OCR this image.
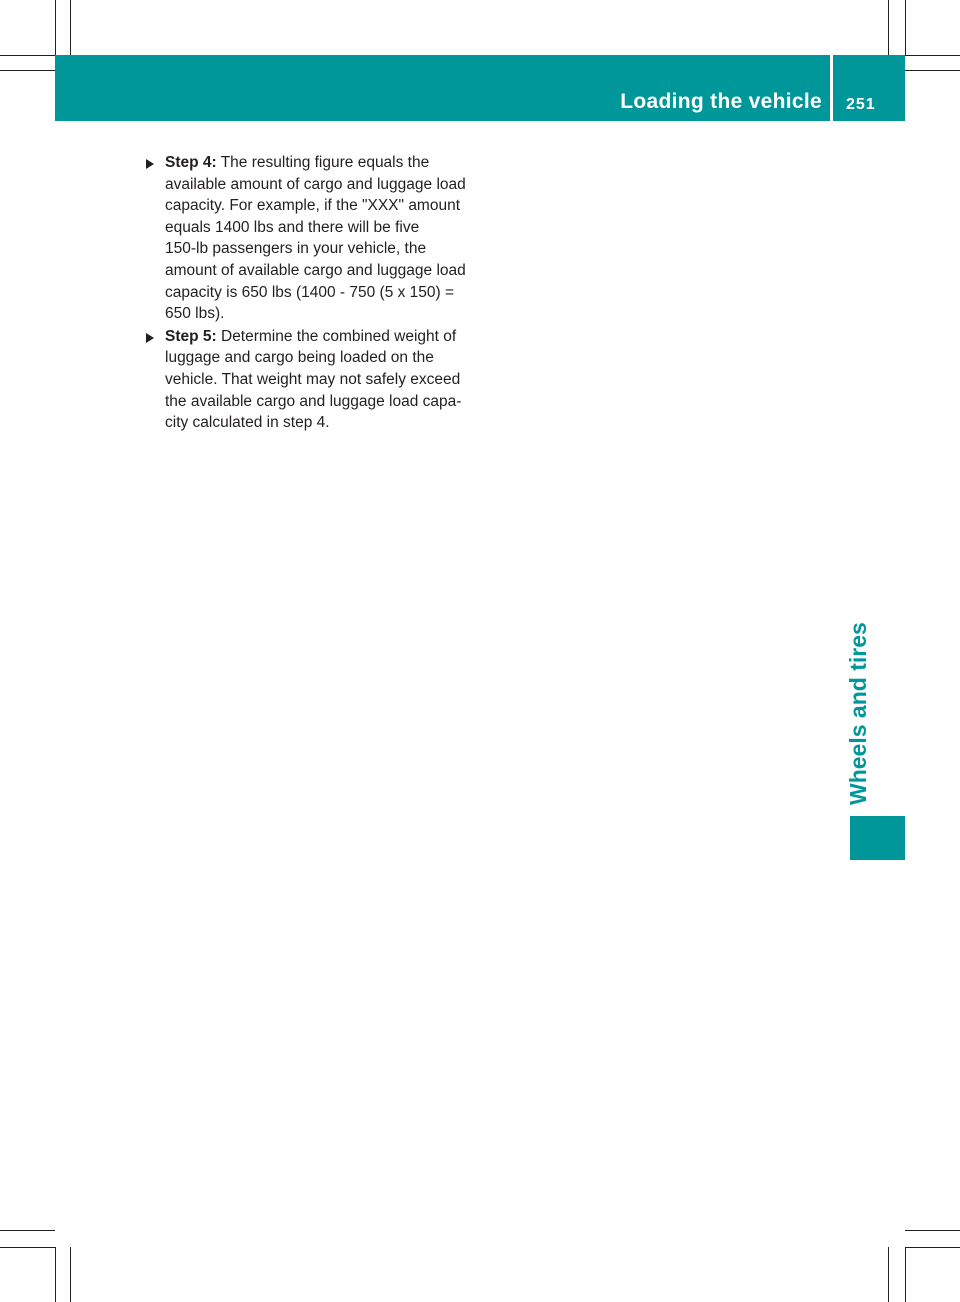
Loading the vehicle 251
Wheels and tires
Step 4: The resulting figure equals the
available amount of cargo and luggage load
capacity. For example, if the "XXX" amount
equals 1400 lbs and there will be five
150-lb passengers in your vehicle, the
amount of available cargo and luggage load
capacity is 650 lbs (1400 - 750 (5 x 150) =
650 lbs).
Step 5: Determine the combined weight of
luggage and cargo being loaded on the
vehicle. That weight may not safely exceed
the available cargo and luggage load capa-
city calculated in step 4.
